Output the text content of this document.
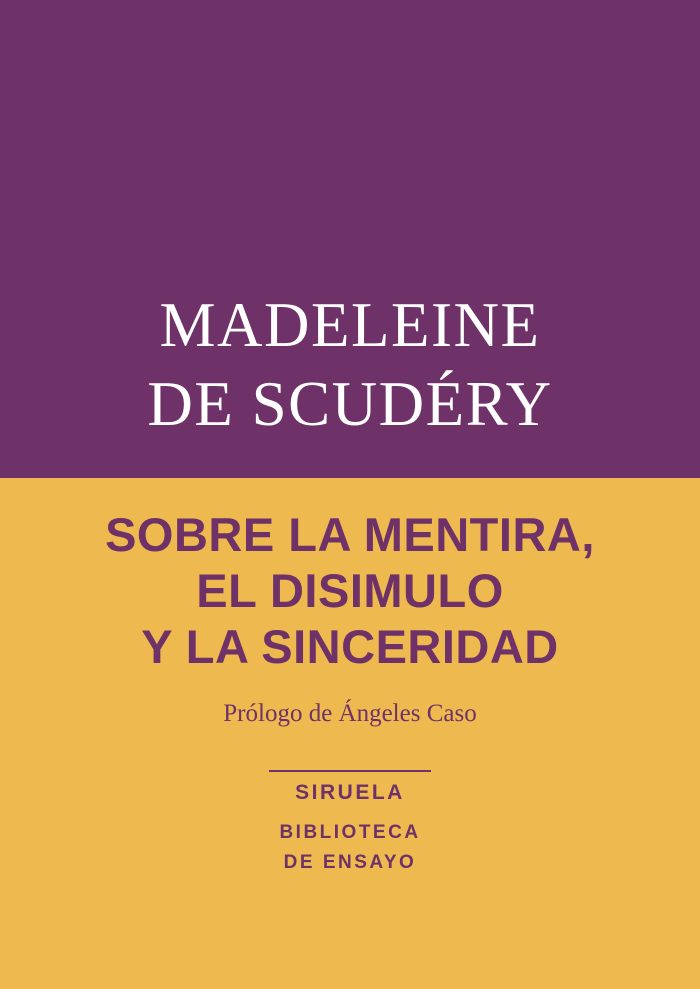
MADELEINE
DE SCUDÉRY
SOBRE LA MENTIRA,
EL DISIMULO
Y LA SINCERIDAD
Prólogo de Ángeles Caso
SIRUELA
BIBLIOTECA
DE ENSAYO
